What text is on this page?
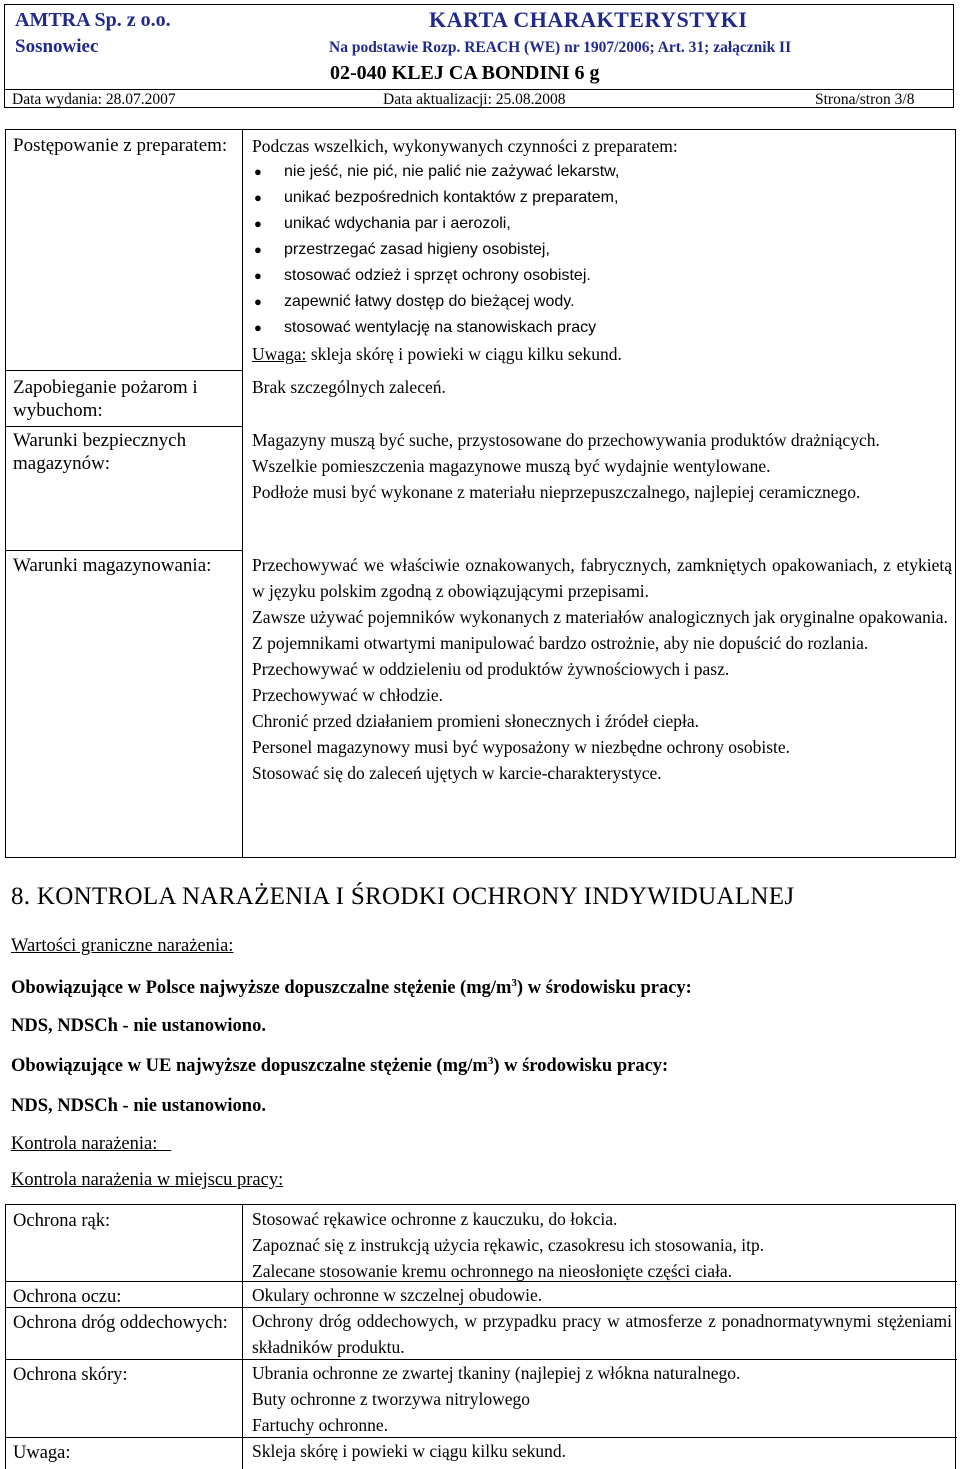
AMTRA Sp. z o.o.
Sosnowiec
KARTA CHARAKTERYSTYKI
Na podstawie Rozp. REACH (WE) nr 1907/2006; Art. 31; załącznik II
02-040 KLEJ CA BONDINI 6 g
Data wydania: 28.07.2007	Data aktualizacji: 25.08.2008	Strona/stron 3/8
Postępowanie z preparatem:
Zapobieganie pożarom i wybuchom:
Warunki bezpiecznych magazynów:
Warunki magazynowania:

Podczas wszelkich, wykonywanych czynności z preparatem:

● nie jeść, nie pić, nie palić nie zażywać lekarstw,
● unikać bezpośrednich kontaktów z preparatem,
● unikać wdychania par i aerozoli,
● przestrzegać zasad higieny osobistej,
● stosować odzież i sprzęt ochrony osobistej.
● zapewnić łatwy dostęp do bieżącej wody.
● stosować wentylację na stanowiskach pracy

Uwaga: skleja skórę i powieki w ciągu kilku sekund.

Brak szczególnych zaleceń.

Magazyny muszą być suche, przystosowane do przechowywania produktów drażniących.

Wszelkie pomieszczenia magazynowe muszą być wydajnie wentylowane.

Podłoże musi być wykonane z materiału nieprzepuszczalnego, najlepiej ceramicznego.

Przechowywać we właściwie oznakowanych, fabrycznych, zamkniętych opakowaniach, z etykietą w języku polskim zgodną z obowiązującymi przepisami.

Zawsze używać pojemników wykonanych z materiałów analogicznych jak oryginalne opakowania.

Z pojemnikami otwartymi manipulować bardzo ostrożnie, aby nie dopuścić do rozlania.

Przechowywać w oddzieleniu od produktów żywnościowych i pasz.

Przechowywać w chłodzie.

Chronić przed działaniem promieni słonecznych i źródeł ciepła.

Personel magazynowy musi być wyposażony w niezbędne ochrony osobiste.

Stosować się do zaleceń ujętych w karcie-charakterystyce.

8. KONTROLA NARAŻENIA I ŚRODKI OCHRONY INDYWIDUALNEJ
Wartości graniczne narażenia:
Obowiązujące w Polsce najwyższe dopuszczalne stężenie $(mg/m^3)$ w środowisku pracy:
NDS, NDSCh - nie ustanowiono.
Obowiązujące w UE najwyższe dopuszczalne stężenie $(mg/m^3)$ w środowisku pracy:
NDS, NDSCh - nie ustanowiono.
Kontrola narażenia:
Kontrola narażenia w miejscu pracy:
Ochrona rąk:
Ochrona oczu:
Ochrona dróg oddechowych:
Ochrona skóry:
Uwaga:

Stosować rękawice ochronne z kauczuku, do łokcia.

Zapoznać się z instrukcją użycia rękawic, czasokresu ich stosowania, itp.

Zalecane stosowanie kremu ochronnego na nieosłonięte części ciała.

Okulary ochronne w szczelnej obudowie.
Ochrony dróg oddechowych, w przypadku pracy w atmosferze z ponadnormatywnymi stężeniami składników produktu.

Ubrania ochronne ze zwartej tkaniny (najlepiej z włókna naturalnego.

Buty ochronne z tworzywa nitrylowego

Fartuchy ochronne.

Skleja skórę i powieki w ciągu kilku sekund.
